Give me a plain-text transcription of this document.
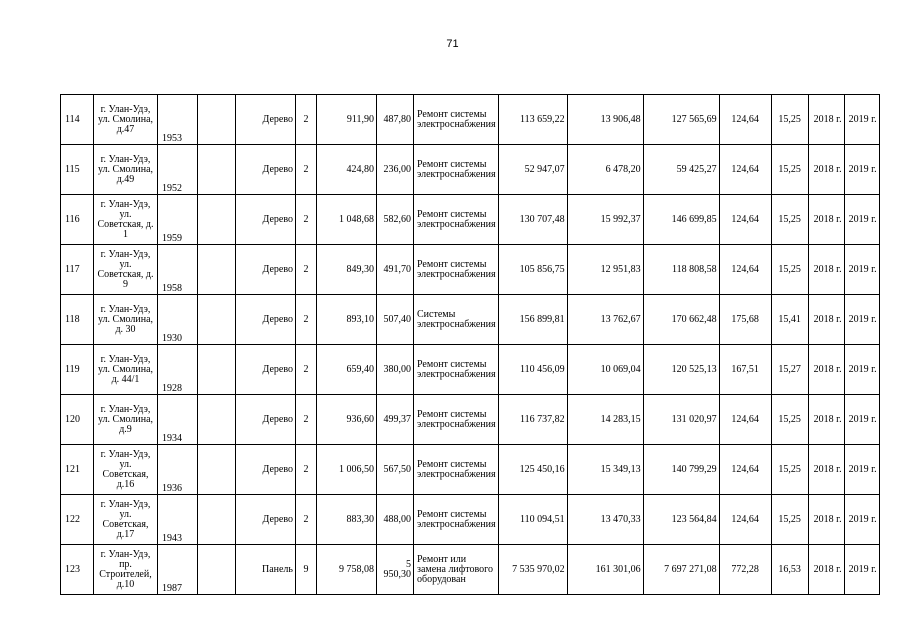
71
114	г. Улан-Удэ, ул. Смолина, д.47	1953		Дерево	2	911,90	487,80	Ремонт системы электроснабжения	113 659,22	13 906,48	127 565,69	124,64	15,25	2018 г.	2019 г.
115	г. Улан-Удэ, ул. Смолина, д.49	1952		Дерево	2	424,80	236,00	Ремонт системы электроснабжения	52 947,07	6 478,20	59 425,27	124,64	15,25	2018 г.	2019 г.
116	г. Улан-Удэ, ул. Советская, д. 1	1959		Дерево	2	1 048,68	582,60	Ремонт системы электроснабжения	130 707,48	15 992,37	146 699,85	124,64	15,25	2018 г.	2019 г.
117	г. Улан-Удэ, ул. Советская, д. 9	1958		Дерево	2	849,30	491,70	Ремонт системы электроснабжения	105 856,75	12 951,83	118 808,58	124,64	15,25	2018 г.	2019 г.
118	г. Улан-Удэ, ул. Смолина, д. 30	1930		Дерево	2	893,10	507,40	Системы электроснабжения	156 899,81	13 762,67	170 662,48	175,68	15,41	2018 г.	2019 г.
119	г. Улан-Удэ, ул. Смолина, д. 44/1	1928		Дерево	2	659,40	380,00	Ремонт системы электроснабжения	110 456,09	10 069,04	120 525,13	167,51	15,27	2018 г.	2019 г.
120	г. Улан-Удэ, ул. Смолина, д.9	1934		Дерево	2	936,60	499,37	Ремонт системы электроснабжения	116 737,82	14 283,15	131 020,97	124,64	15,25	2018 г.	2019 г.
121	г. Улан-Удэ, ул. Советская, д.16	1936		Дерево	2	1 006,50	567,50	Ремонт системы электроснабжения	125 450,16	15 349,13	140 799,29	124,64	15,25	2018 г.	2019 г.
122	г. Улан-Удэ, ул. Советская, д.17	1943		Дерево	2	883,30	488,00	Ремонт системы электроснабжения	110 094,51	13 470,33	123 564,84	124,64	15,25	2018 г.	2019 г.
123	г. Улан-Удэ, пр. Строителей, д.10	1987		Панель	9	9 758,08	5 950,30	Ремонт или замена лифтового оборудован	7 535 970,02	161 301,06	7 697 271,08	772,28	16,53	2018 г.	2019 г.
